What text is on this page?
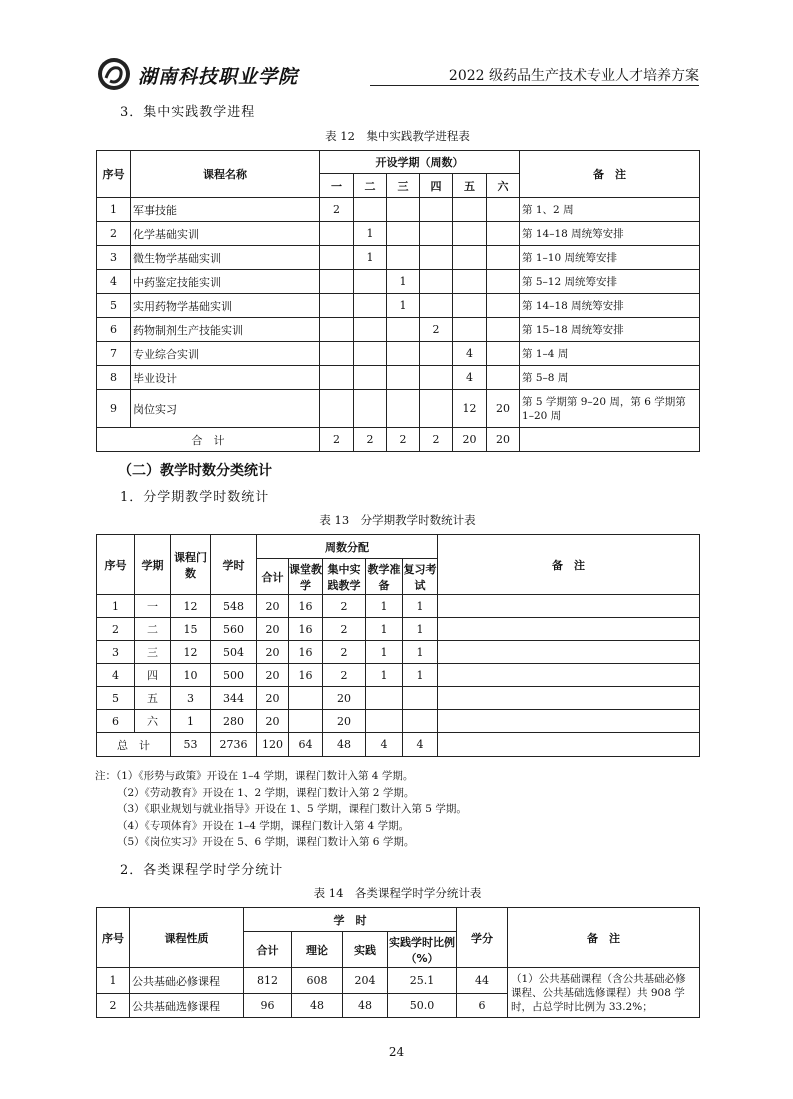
湖南科技职业学院	2022 级药品生产技术专业人才培养方案
3．集中实践教学进程
表 12　集中实践教学进程表
序号	课程名称	开设学期（周数）						备　注
		一	二	三	四	五	六	
1	军事技能	2						第 1、2 周
2	化学基础实训		1					第 14–18 周统筹安排
3	微生物学基础实训		1					第 1–10 周统筹安排
4	中药鉴定技能实训			1				第 5–12 周统筹安排
5	实用药物学基础实训			1				第 14–18 周统筹安排
6	药物制剂生产技能实训				2			第 15–18 周统筹安排
7	专业综合实训					4		第 1–4 周
8	毕业设计					4		第 5–8 周
9	岗位实习					12	20	第 5 学期第 9–20 周，第 6 学期第 1–20 周
合　计		2	2	2	2	20	20	
（二）教学时数分类统计
1．分学期教学时数统计
表 13　分学期教学时数统计表
序号	学期	课程门数	学时	周数分配					备　注
				合计	课堂教学	集中实践教学	教学准备	复习考试	
1	一	12	548	20	16	2	1	1	
2	二	15	560	20	16	2	1	1	
3	三	12	504	20	16	2	1	1	
4	四	10	500	20	16	2	1	1	
5	五	3	344	20		20			
6	六	1	280	20		20			
总　计		53	2736	120	64	48	4	4	
注：（1）《形势与政策》开设在 1–4 学期，课程门数计入第 4 学期。
（2）《劳动教育》开设在 1、2 学期，课程门数计入第 2 学期。
（3）《职业规划与就业指导》开设在 1、5 学期，课程门数计入第 5 学期。
（4）《专项体育》开设在 1–4 学期，课程门数计入第 4 学期。
（5）《岗位实习》开设在 5、6 学期，课程门数计入第 6 学期。
2．各类课程学时学分统计
表 14　各类课程学时学分统计表
序号	课程性质	学　时				学分	备　注
		合计	理论	实践	实践学时比例（%）		
1	公共基础必修课程	812	608	204	25.1	44	（1）公共基础课程（含公共基础必修课程、公共基础选修课程）共 908 学时，占总学时比例为 33.2%；
2	公共基础选修课程	96	48	48	50.0	6	
24
